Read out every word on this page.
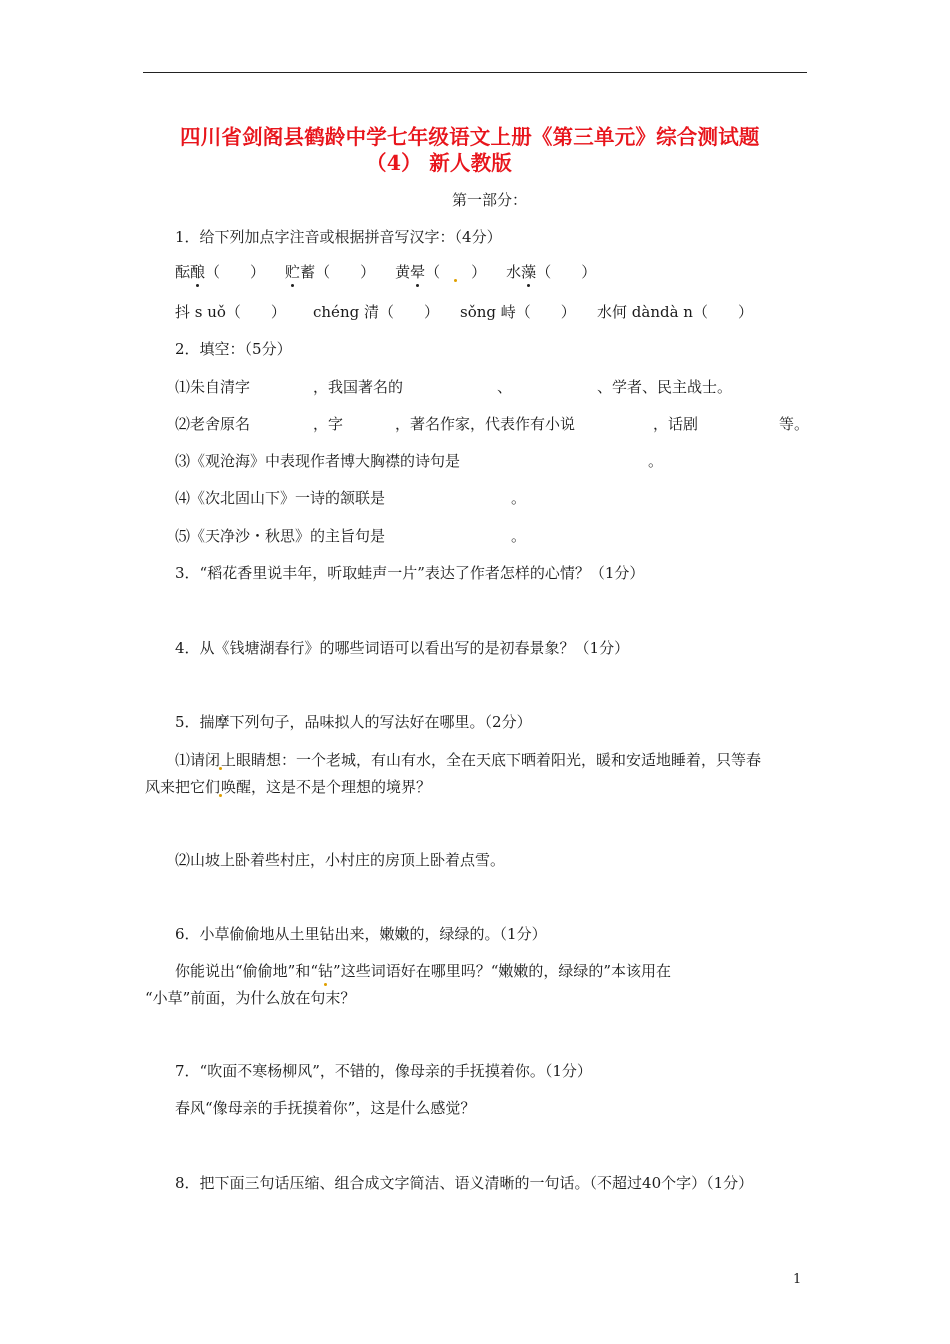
四川省剑阁县鹤龄中学七年级语文上册《第三单元》综合测试题
（4） 新人教版
第一部分：
1．给下列加点字注音或根据拼音写汉字：（4分）
酝酿（　　） 贮蓄（　　） 黄晕（　　） 水藻（　　）
抖 s uǒ（　　） chéng 清（　　） sǒng 峙（　　） 水何 dàndà n（　　）
2．填空：（5分）
⑴朱自清字	，我国著名的	、	、学者、民主战士。
⑵老舍原名	，字	，著名作家，代表作有小说	，话剧	等。
⑶《观沧海》中表现作者博大胸襟的诗句是	。
⑷《次北固山下》一诗的颔联是	。
⑸《天净沙・秋思》的主旨句是	。
3．“稻花香里说丰年，听取蛙声一片”表达了作者怎样的心情？（1分）
4．从《钱塘湖春行》的哪些词语可以看出写的是初春景象？（1分）
5．揣摩下列句子，品味拟人的写法好在哪里。（2分）
⑴请闭上眼睛想：一个老城，有山有水，全在天底下晒着阳光，暖和安适地睡着，只等春
风来把它们唤醒，这是不是个理想的境界？
⑵山坡上卧着些村庄，小村庄的房顶上卧着点雪。
6．小草偷偷地从土里钻出来，嫩嫩的，绿绿的。（1分）
你能说出“偷偷地”和“钻”这些词语好在哪里吗？“嫩嫩的，绿绿的”本该用在
“小草”前面，为什么放在句末？
7．“吹面不寒杨柳风”，不错的，像母亲的手抚摸着你。（1分）
春风“像母亲的手抚摸着你”，这是什么感觉？
8．把下面三句话压缩、组合成文字简洁、语义清晰的一句话。（不超过40个字）（1分）
1
